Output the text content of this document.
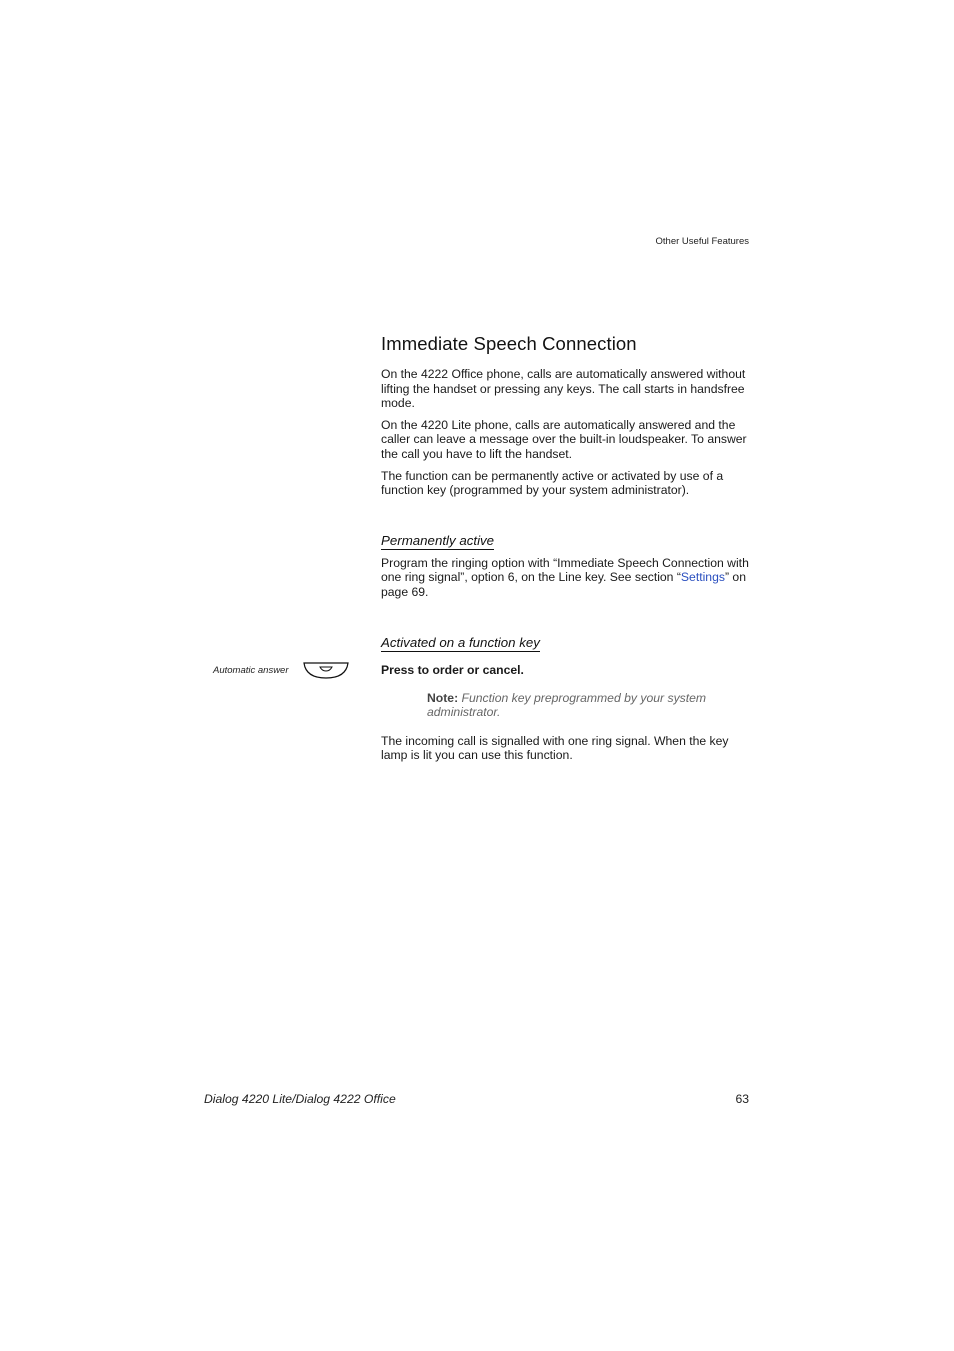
Other Useful Features
Automatic answer
Immediate Speech Connection

On the 4222 Office phone, calls are automatically answered without lifting the handset or pressing any keys. The call starts in handsfree mode.

On the 4220 Lite phone, calls are automatically answered and the caller can leave a message over the built-in loudspeaker. To answer the call you have to lift the handset.

The function can be permanently active or activated by use of a function key (programmed by your system administrator).

Permanently active

Program the ringing option with “Immediate Speech Connection with one ring signal”, option 6, on the Line key. See section “Settings” on page 69.

Activated on a function key
Press to order or cancel.
Note: Function key preprogrammed by your system administrator.

The incoming call is signalled with one ring signal. When the key lamp is lit you can use this function.

Dialog 4220 Lite/Dialog 4222 Office	63
